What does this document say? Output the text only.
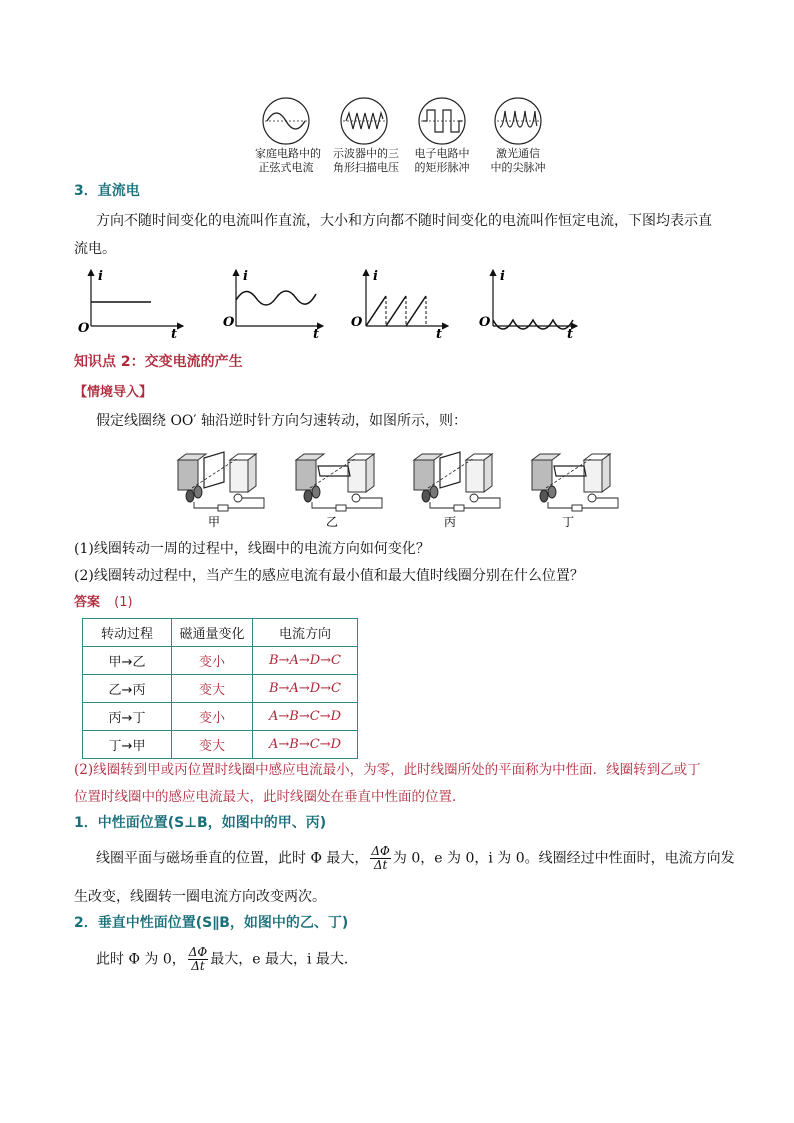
家庭电路中的
正弦式电流
示波器中的三
角形扫描电压
电子电路中
的矩形脉冲
激光通信
中的尖脉冲
3．直流电
方向不随时间变化的电流叫作直流，大小和方向都不随时间变化的电流叫作恒定电流，下图均表示直
流电。
i
O	t
i
O
t
i
O
t
i
O
t
知识点 2：交变电流的产生
【情境导入】
假定线圈绕 OO′ 轴沿逆时针方向匀速转动，如图所示，则：
甲	乙	丙	丁
(1)线圈转动一周的过程中，线圈中的电流方向如何变化？
(2)线圈转动过程中，当产生的感应电流有最小值和最大值时线圈分别在什么位置？
答案 (1)
转动过程	磁通量变化	电流方向
甲→乙	变小	B→A→D→C
乙→丙	变大	B→A→D→C
丙→丁	变小	A→B→C→D
丁→甲	变大	A→B→C→D
(2)线圈转到甲或丙位置时线圈中感应电流最小，为零，此时线圈所处的平面称为中性面．线圈转到乙或丁
位置时线圈中的感应电流最大，此时线圈处在垂直中性面的位置．
1．中性面位置(S⊥B，如图中的甲、丙)
线圈平面与磁场垂直的位置，此时 Φ 最大， $\frac{\Delta\Phi}{\Delta t}$ 为 0，e 为 0，i 为 0。线圈经过中性面时，电流方向发
生改变，线圈转一圈电流方向改变两次。
2．垂直中性面位置(S∥B，如图中的乙、丁)
此时 Φ 为 0， $\frac{\Delta\Phi}{\Delta t}$ 最大，e 最大，i 最大．
